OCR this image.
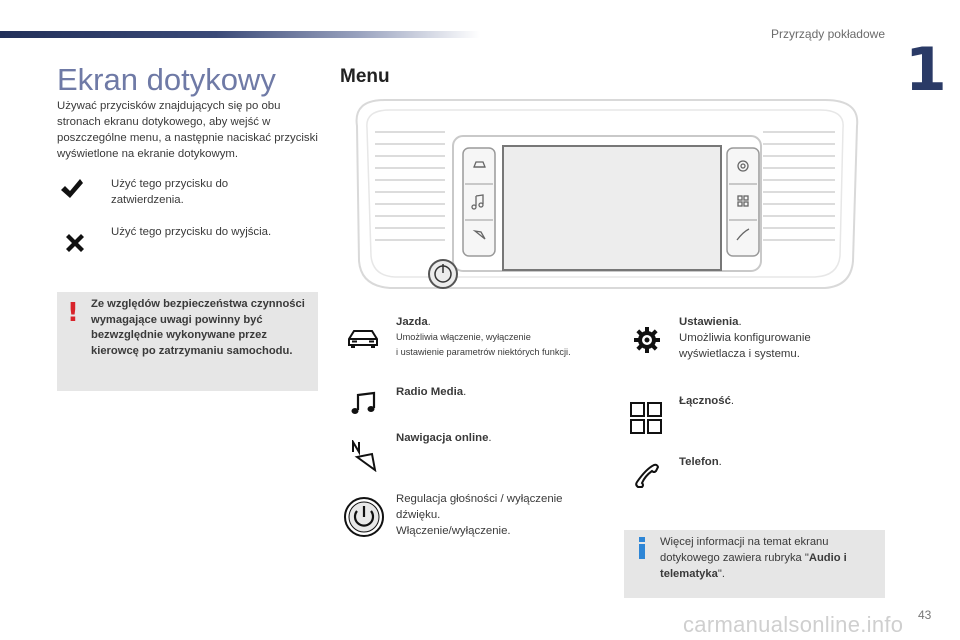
Przyrządy pokładowe
1
Ekran dotykowy

Używać przycisków znajdujących się po obu stronach ekranu dotykowego, aby wejść w poszczególne menu, a następnie naciskać przyciski wyświetlone na ekranie dotykowym.

Użyć tego przycisku do zatwierdzenia.
Użyć tego przycisku do wyjścia.
! Ze względów bezpieczeństwa czynności wymagające uwagi powinny być bezwzględnie wykonywane przez kierowcę po zatrzymaniu samochodu.
Menu
Jazda.
Umożliwia włączenie, wyłączenie
i ustawienie parametrów niektórych funkcji.
Radio Media.
Nawigacja online.
Regulacja głośności / wyłączenie
dźwięku.
Włączenie/wyłączenie.
Ustawienia.
Umożliwia konfigurowanie
wyświetlacza i systemu.
Łączność.
Telefon.
Więcej informacji na temat ekranu dotykowego zawiera rubryka "Audio i telematyka".
carmanualsonline.info 43
